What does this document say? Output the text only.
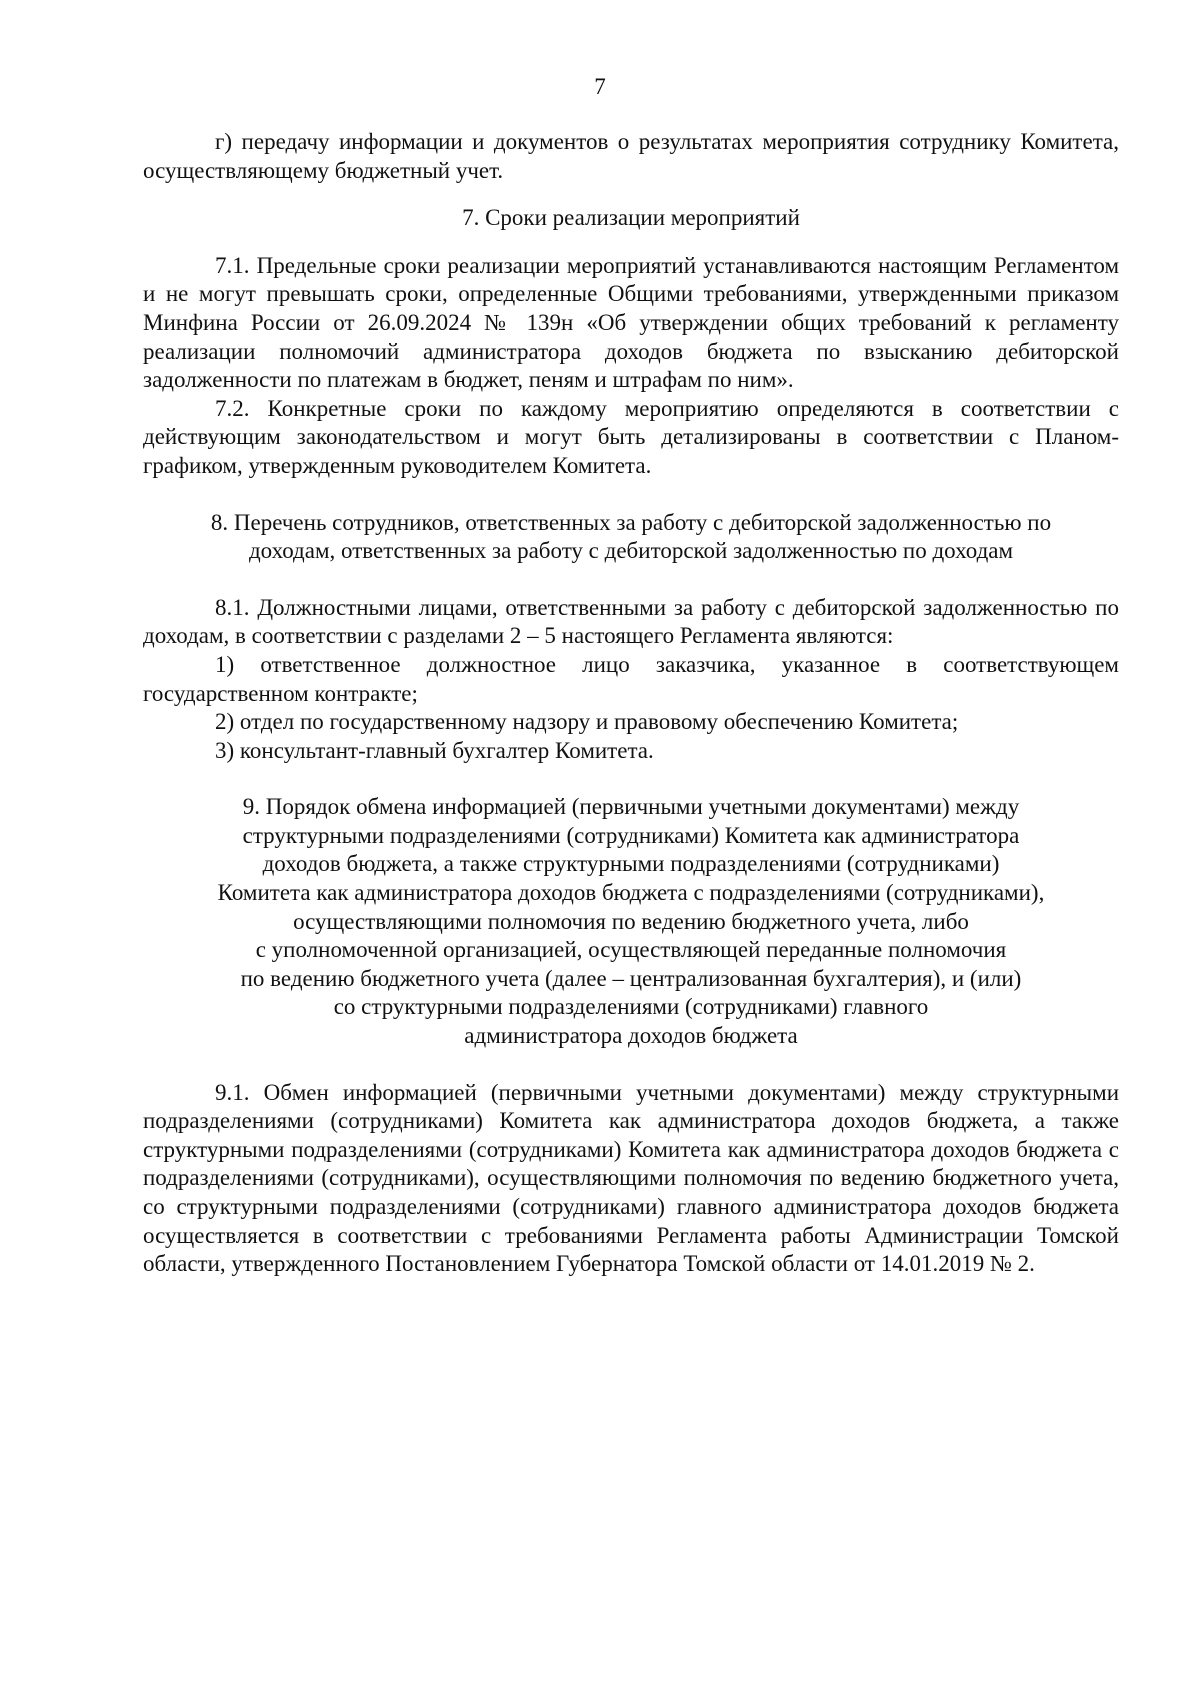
7

г) передачу информации и документов о результатах мероприятия сотруднику Комитета, осуществляющему бюджетный учет.

7. Сроки реализации мероприятий

7.1. Предельные сроки реализации мероприятий устанавливаются настоящим Регламентом и не могут превышать сроки, определенные Общими требованиями, утвержденными приказом Минфина России от 26.09.2024 № 139н «Об утверждении общих требований к регламенту реализации полномочий администратора доходов бюджета по взысканию дебиторской задолженности по платежам в бюджет, пеням и штрафам по ним».

7.2. Конкретные сроки по каждому мероприятию определяются в соответствии с действующим законодательством и могут быть детализированы в соответствии с Планом-графиком, утвержденным руководителем Комитета.

8. Перечень сотрудников, ответственных за работу с дебиторской задолженностью по
доходам, ответственных за работу с дебиторской задолженностью по доходам

8.1. Должностными лицами, ответственными за работу с дебиторской задолженностью по доходам, в соответствии с разделами 2 – 5 настоящего Регламента являются:

1) ответственное должностное лицо заказчика, указанное в соответствующем государственном контракте;

2) отдел по государственному надзору и правовому обеспечению Комитета;

3) консультант-главный бухгалтер Комитета.

9. Порядок обмена информацией (первичными учетными документами) между
структурными подразделениями (сотрудниками) Комитета как администратора
доходов бюджета, а также структурными подразделениями (сотрудниками)
Комитета как администратора доходов бюджета с подразделениями (сотрудниками),
осуществляющими полномочия по ведению бюджетного учета, либо
с уполномоченной организацией, осуществляющей переданные полномочия
по ведению бюджетного учета (далее – централизованная бухгалтерия), и (или)
со структурными подразделениями (сотрудниками) главного
администратора доходов бюджета

9.1. Обмен информацией (первичными учетными документами) между структурными подразделениями (сотрудниками) Комитета как администратора доходов бюджета, а также структурными подразделениями (сотрудниками) Комитета как администратора доходов бюджета с подразделениями (сотрудниками), осуществляющими полномочия по ведению бюджетного учета, со структурными подразделениями (сотрудниками) главного администратора доходов бюджета осуществляется в соответствии с требованиями Регламента работы Администрации Томской области, утвержденного Постановлением Губернатора Томской области от 14.01.2019 № 2.
